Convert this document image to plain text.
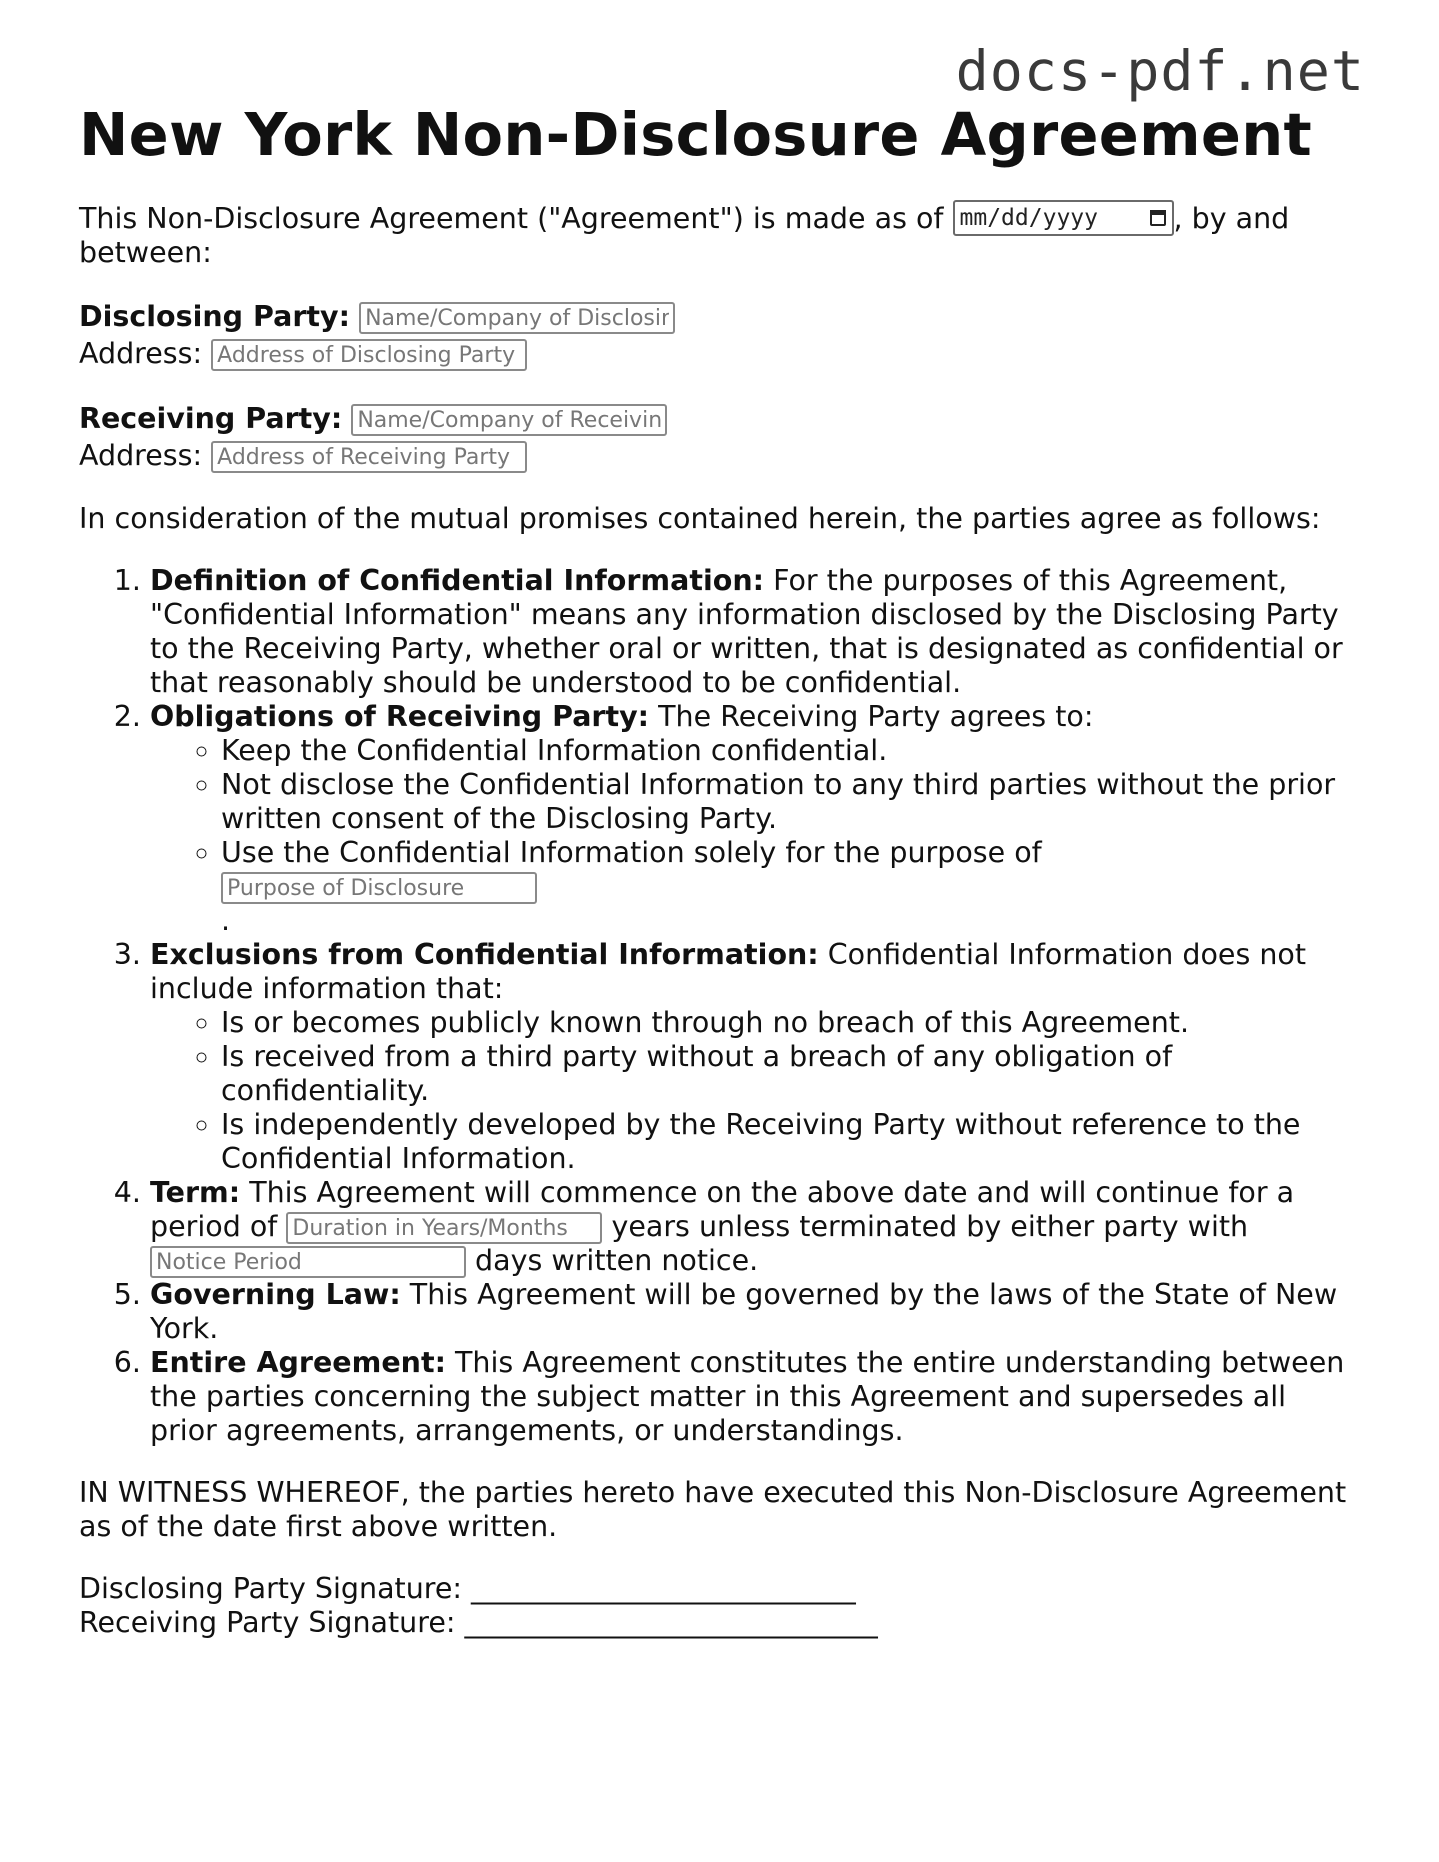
docs-pdf.net
New York Non-Disclosure Agreement

This Non-Disclosure Agreement ("Agreement") is made as of mm/dd/yyyy	, by and between:

Disclosing Party: Name/Company of Disclosing Party
Address: Address of Disclosing Party
Receiving Party: Name/Company of Receiving Party
Address: Address of Receiving Party

In consideration of the mutual promises contained herein, the parties agree as follows:

1. Definition of Confidential Information: For the purposes of this Agreement, "Confidential Information" means any information disclosed by the Disclosing Party to the Receiving Party, whether oral or written, that is designated as confidential or that reasonably should be understood to be confidential.
2. Obligations of Receiving Party: The Receiving Party agrees to:
◦ Keep the Confidential Information confidential.
◦ Not disclose the Confidential Information to any third parties without the prior written consent of the Disclosing Party.
◦ Use the Confidential Information solely for the purpose of Purpose of Disclosure
.
3. Exclusions from Confidential Information: Confidential Information does not include information that:
◦ Is or becomes publicly known through no breach of this Agreement.
◦ Is received from a third party without a breach of any obligation of confidentiality.
◦ Is independently developed by the Receiving Party without reference to the Confidential Information.
4. Term: This Agreement will commence on the above date and will continue for a period of Duration in Years/Months	years unless terminated by either party with Notice Period days written notice.
5. Governing Law: This Agreement will be governed by the laws of the State of New York.
6. Entire Agreement: This Agreement constitutes the entire understanding between the parties concerning the subject matter in this Agreement and supersedes all prior agreements, arrangements, or understandings.

IN WITNESS WHEREOF, the parties hereto have executed this Non-Disclosure Agreement as of the date first above written.

Disclosing Party Signature: ___________________________
Receiving Party Signature: _____________________________
